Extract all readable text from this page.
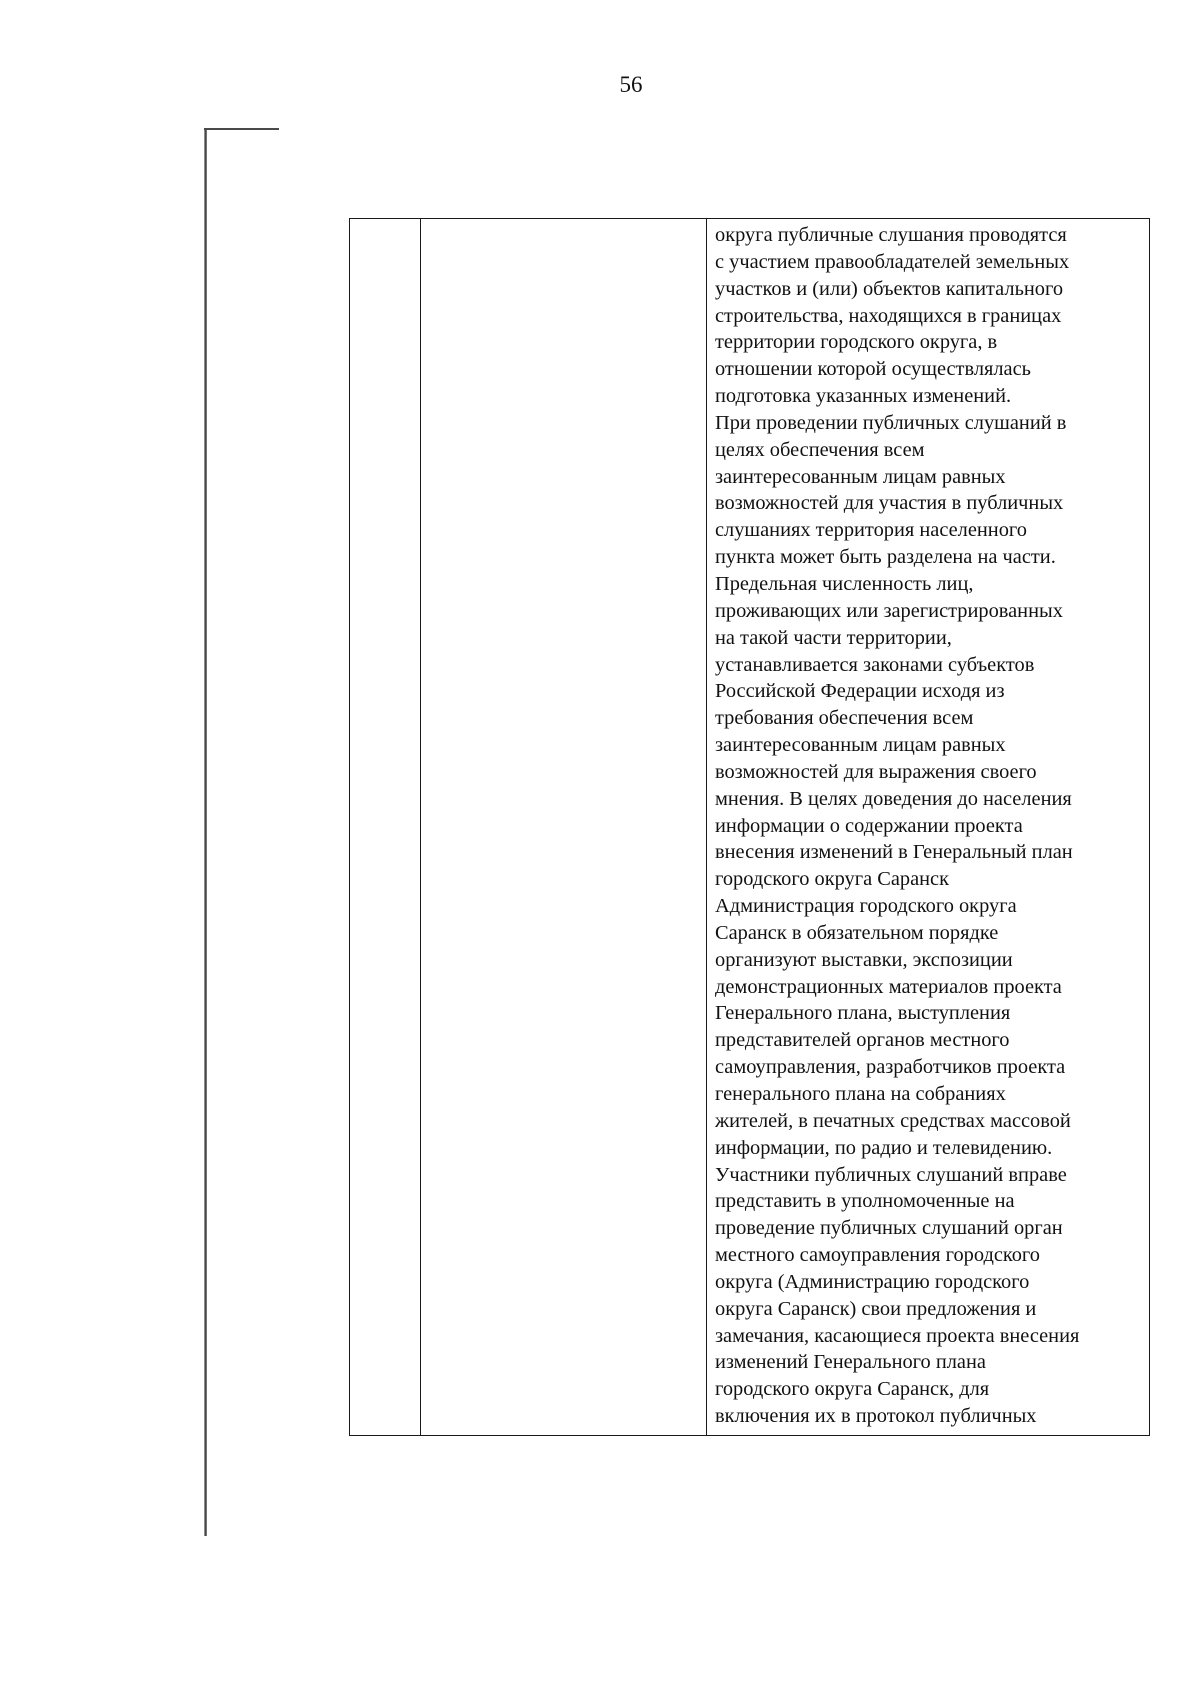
56

округа публичные слушания проводятся
с участием правообладателей земельных
участков и (или) объектов капитального
строительства, находящихся в границах
территории городского округа, в
отношении которой осуществлялась
подготовка указанных изменений.
При проведении публичных слушаний в
целях обеспечения всем
заинтересованным лицам равных
возможностей для участия в публичных
слушаниях территория населенного
пункта может быть разделена на части.
Предельная численность лиц,
проживающих или зарегистрированных
на такой части территории,
устанавливается законами субъектов
Российской Федерации исходя из
требования обеспечения всем
заинтересованным лицам равных
возможностей для выражения своего
мнения. В целях доведения до населения
информации о содержании проекта
внесения изменений в Генеральный план
городского округа Саранск
Администрация городского округа
Саранск в обязательном порядке
организуют выставки, экспозиции
демонстрационных материалов проекта
Генерального плана, выступления
представителей органов местного
самоуправления, разработчиков проекта
генерального плана на собраниях
жителей, в печатных средствах массовой
информации, по радио и телевидению.
Участники публичных слушаний вправе
представить в уполномоченные на
проведение публичных слушаний орган
местного самоуправления городского
округа (Администрацию городского
округа Саранск) свои предложения и
замечания, касающиеся проекта внесения
изменений Генерального плана
городского округа Саранск, для
включения их в протокол публичных
